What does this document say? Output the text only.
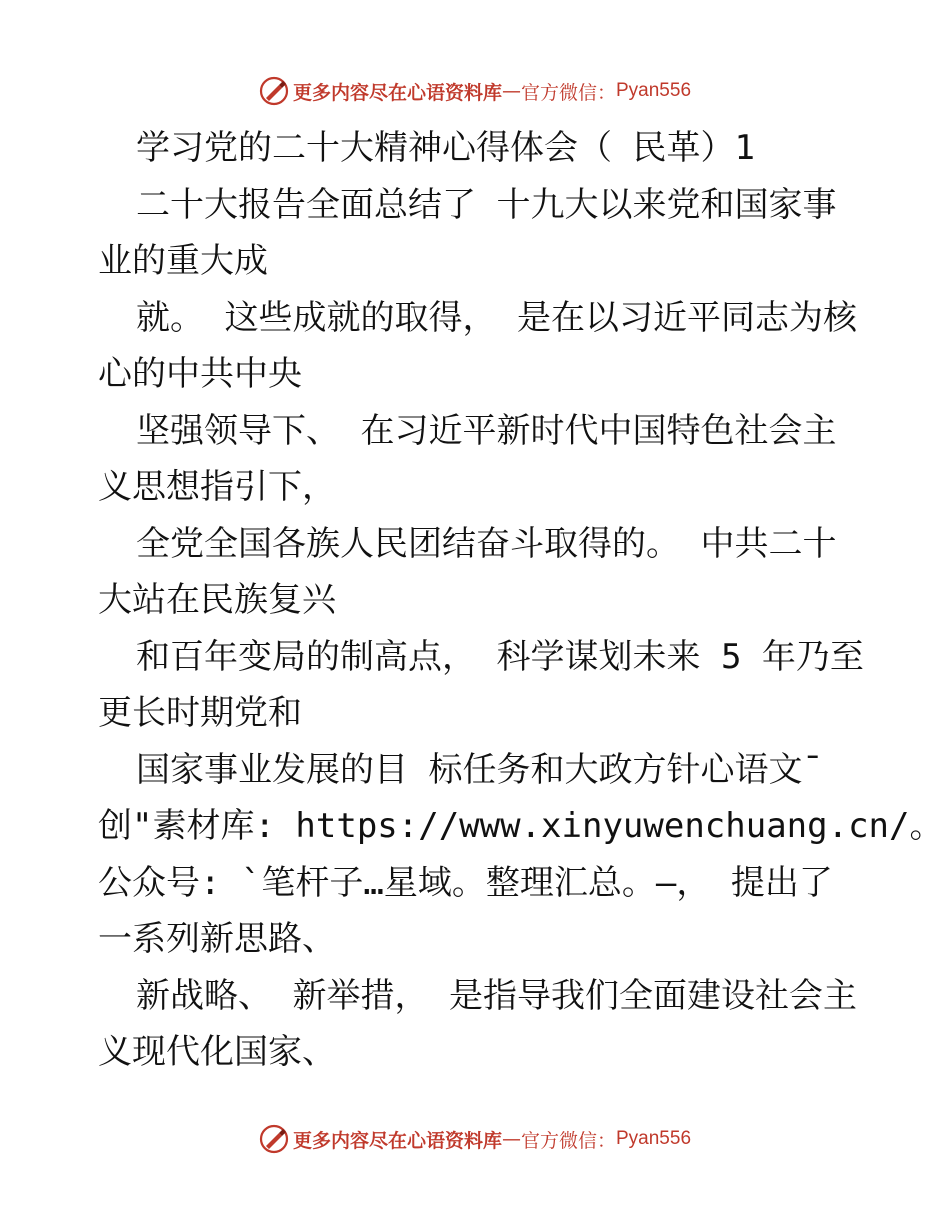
更多内容尽在心语资料库 — 官方微信： Pyan556
学习党的二十大精神心得体会（ 民革）1
二十大报告全面总结了 十九大以来党和国家事
业的重大成
就。 这些成就的取得， 是在以习近平同志为核
心的中共中央
坚强领导下、 在习近平新时代中国特色社会主
义思想指引下，
全党全国各族人民团结奋斗取得的。 中共二十
大站在民族复兴
和百年变局的制高点， 科学谋划未来 5 年乃至
更长时期党和
国家事业发展的目 标任务和大政方针心语文¯
创"素材库: https://www.xinyuwenchuang.cn/。
公众号: `笔杆子…星域。整理汇总。—， 提出了
一系列新思路、
新战略、 新举措， 是指导我们全面建设社会主
义现代化国家、
更多内容尽在心语资料库 — 官方微信： Pyan556
